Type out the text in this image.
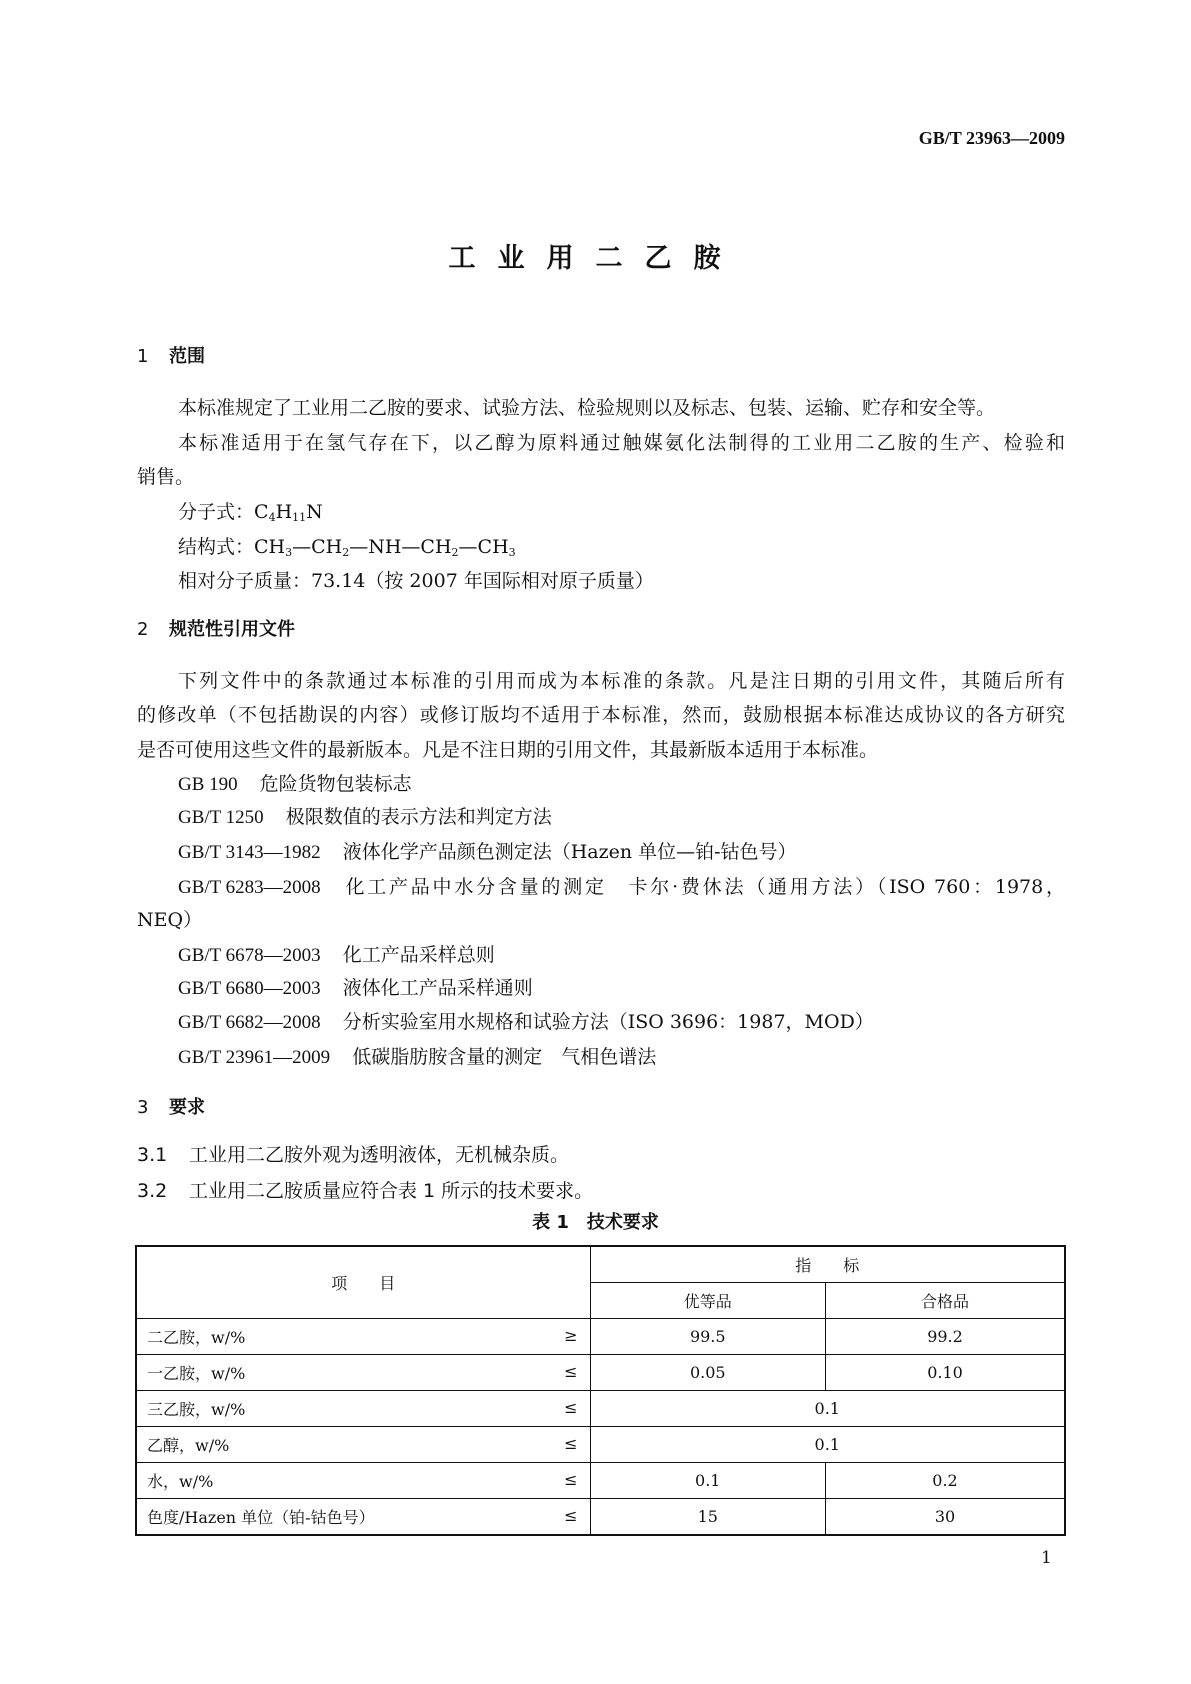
GB/T 23963—2009
工业用二乙胺
1 范围
本标准规定了工业用二乙胺的要求、试验方法、检验规则以及标志、包装、运输、贮存和安全等。
本标准适用于在氢气存在下，以乙醇为原料通过触媒氨化法制得的工业用二乙胺的生产、检验和
销售。
分子式：$C_4H_{11}N$
结构式：$CH_3—CH_2—NH—CH_2—CH_3$
相对分子质量：73.14（按 2007 年国际相对原子质量）
2 规范性引用文件
下列文件中的条款通过本标准的引用而成为本标准的条款。凡是注日期的引用文件，其随后所有
的修改单（不包括勘误的内容）或修订版均不适用于本标准，然而，鼓励根据本标准达成协议的各方研究
是否可使用这些文件的最新版本。凡是不注日期的引用文件，其最新版本适用于本标准。
GB 190 危险货物包装标志
GB/T 1250 极限数值的表示方法和判定方法
GB/T 3143—1982 液体化学产品颜色测定法（Hazen 单位—铂-钴色号）
GB/T 6283—2008 化工产品中水分含量的测定　卡尔·费休法（通用方法）（ISO 760：1978，
NEQ）
GB/T 6678—2003 化工产品采样总则
GB/T 6680—2003 液体化工产品采样通则
GB/T 6682—2008 分析实验室用水规格和试验方法（ISO 3696：1987，MOD）
GB/T 23961—2009 低碳脂肪胺含量的测定　气相色谱法
3 要求
3.1 工业用二乙胺外观为透明液体，无机械杂质。
3.2 工业用二乙胺质量应符合表 1 所示的技术要求。
表 1　技术要求
项　　目	指　　标	
	优等品	合格品
二乙胺，w/% ≥	99.5	99.2
一乙胺，w/% ≤	0.05	0.10
三乙胺，w/% ≤	0.1	
乙醇，w/% ≤	0.1	
水，w/% ≤	0.1	0.2
色度/Hazen 单位（铂-钴色号） ≤	15	30
1
